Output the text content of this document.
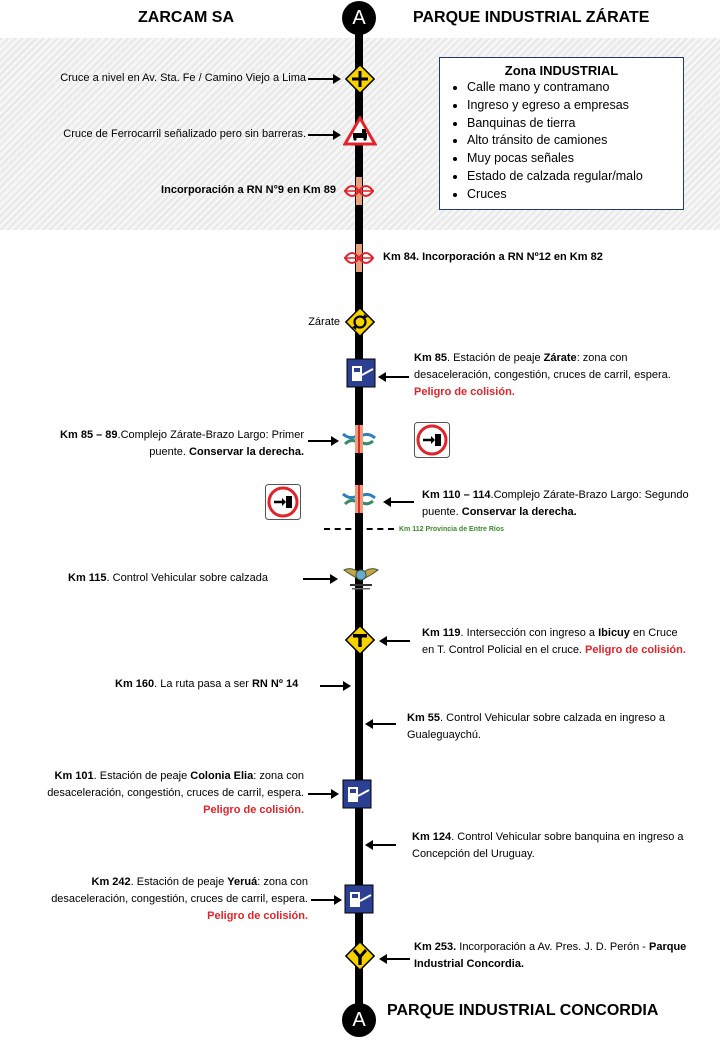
ZARCAM SA	A	PARQUE INDUSTRIAL ZÁRATE
Zona INDUSTRIAL
• Calle mano y contramano
• Ingreso y egreso a empresas
• Banquinas de tierra
• Alto tránsito de camiones
• Muy pocas señales
• Estado de calzada regular/malo
• Cruces
Cruce a nivel en Av. Sta. Fe / Camino Viejo a Lima
Cruce de Ferrocarril señalizado pero sin barreras.
Incorporación a RN N°9 en Km 89
Km 84. Incorporación a RN Nº12 en Km 82
Zárate
Km 85. Estación de peaje Zárate: zona con
desaceleración, congestión, cruces de carril, espera.
Peligro de colisión.
Km 85 – 89.Complejo Zárate-Brazo Largo: Primer
puente. Conservar la derecha.
Km 110 – 114.Complejo Zárate-Brazo Largo: Segundo
puente. Conservar la derecha.
Km 112 Provincia de Entre Ríos
Km 115. Control Vehicular sobre calzada
Km 119. Intersección con ingreso a Ibicuy en Cruce
en T. Control Policial en el cruce. Peligro de colisión.
Km 160. La ruta pasa a ser RN Nº 14
Km 55. Control Vehicular sobre calzada en ingreso a
Gualeguaychú.
Km 101. Estación de peaje Colonia Elia: zona con
desaceleración, congestión, cruces de carril, espera.
Peligro de colisión.
Km 124. Control Vehicular sobre banquina en ingreso a
Concepción del Uruguay.
Km 242. Estación de peaje Yeruá: zona con
desaceleración, congestión, cruces de carril, espera.
Peligro de colisión.
Km 253. Incorporación a Av. Pres. J. D. Perón - Parque
Industrial Concordia.
A	PARQUE INDUSTRIAL CONCORDIA
